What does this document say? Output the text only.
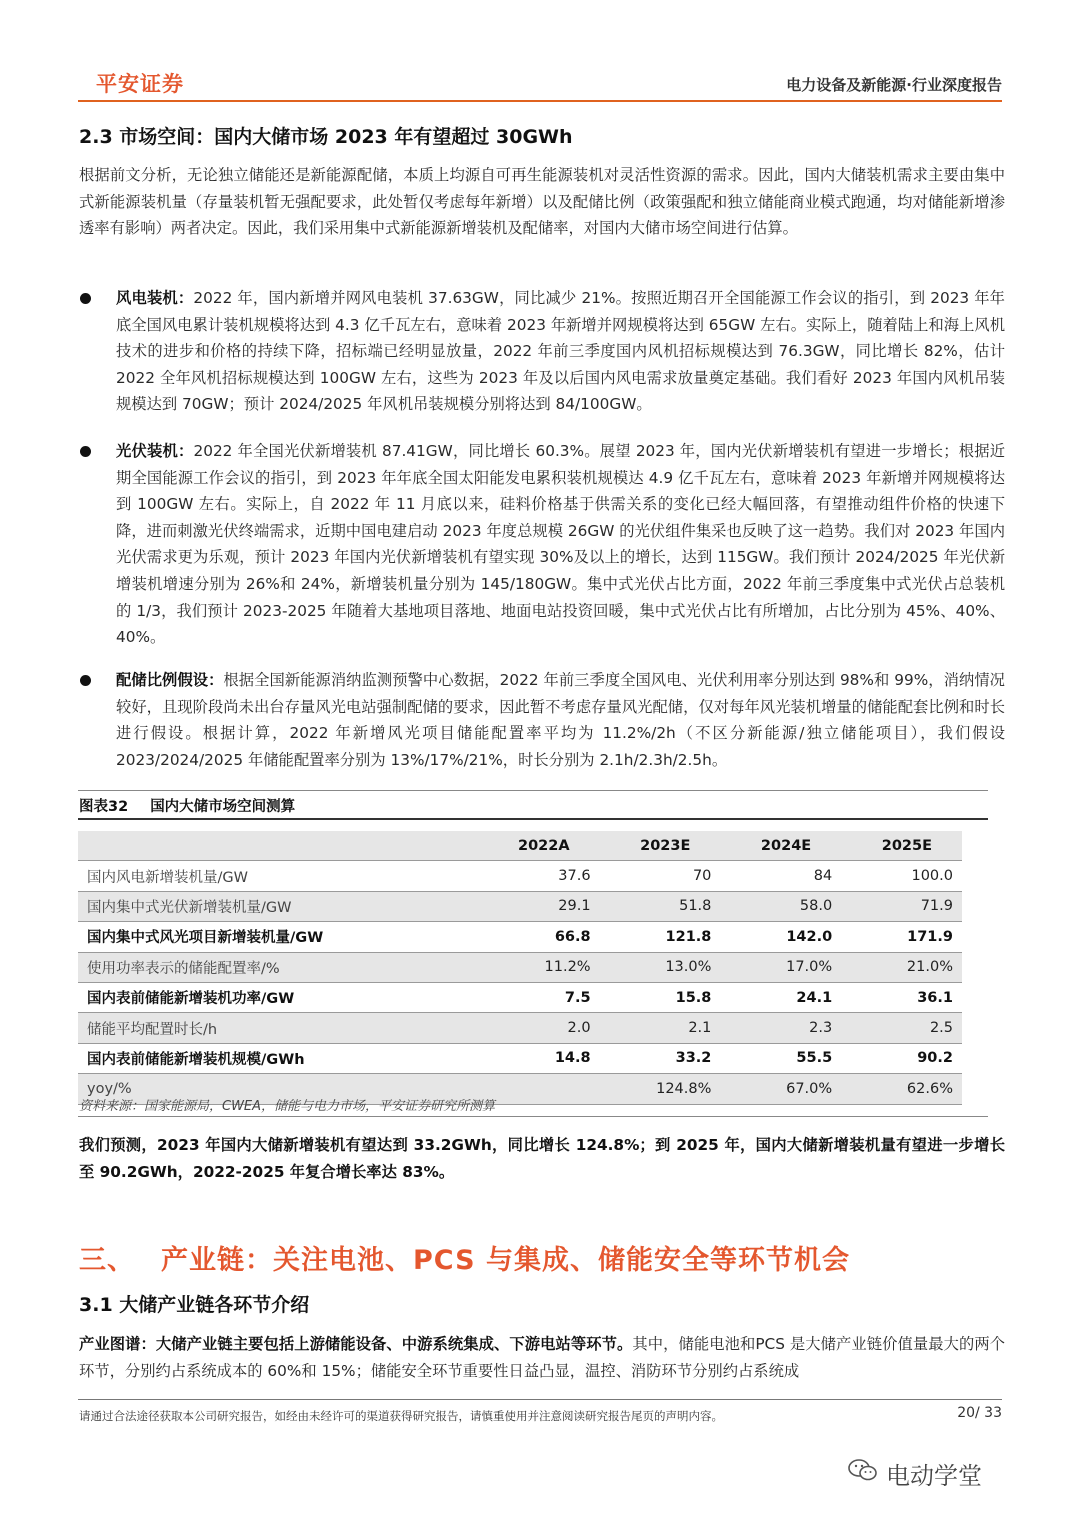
平安证券	电力设备及新能源·行业深度报告
2.3 市场空间：国内大储市场 2023 年有望超过 30GWh
根据前文分析，无论独立储能还是新能源配储，本质上均源自可再生能源装机对灵活性资源的需求。因此，国内大储装机需求主要由集中式新能源装机量（存量装机暂无强配要求，此处暂仅考虑每年新增）以及配储比例（政策强配和独立储能商业模式跑通，均对储能新增渗透率有影响）两者决定。因此，我们采用集中式新能源新增装机及配储率，对国内大储市场空间进行估算。
风电装机：2022 年，国内新增并网风电装机 37.63GW，同比减少 21%。按照近期召开全国能源工作会议的指引，到 2023 年年底全国风电累计装机规模将达到 4.3 亿千瓦左右，意味着 2023 年新增并网规模将达到 65GW 左右。实际上，随着陆上和海上风机技术的进步和价格的持续下降，招标端已经明显放量，2022 年前三季度国内风机招标规模达到 76.3GW，同比增长 82%，估计 2022 全年风机招标规模达到 100GW 左右，这些为 2023 年及以后国内风电需求放量奠定基础。我们看好 2023 年国内风机吊装规模达到 70GW；预计 2024/2025 年风机吊装规模分别将达到 84/100GW。
光伏装机：2022 年全国光伏新增装机 87.41GW，同比增长 60.3%。展望 2023 年，国内光伏新增装机有望进一步增长；根据近期全国能源工作会议的指引，到 2023 年年底全国太阳能发电累积装机规模达 4.9 亿千瓦左右，意味着 2023 年新增并网规模将达到 100GW 左右。实际上，自 2022 年 11 月底以来，硅料价格基于供需关系的变化已经大幅回落，有望推动组件价格的快速下降，进而刺激光伏终端需求，近期中国电建启动 2023 年度总规模 26GW 的光伏组件集采也反映了这一趋势。我们对 2023 年国内光伏需求更为乐观，预计 2023 年国内光伏新增装机有望实现 30%及以上的增长，达到 115GW。我们预计 2024/2025 年光伏新增装机增速分别为 26%和 24%，新增装机量分别为 145/180GW。集中式光伏占比方面，2022 年前三季度集中式光伏占总装机的 1/3，我们预计 2023-2025 年随着大基地项目落地、地面电站投资回暖，集中式光伏占比有所增加，占比分别为 45%、40%、40%。
配储比例假设：根据全国新能源消纳监测预警中心数据，2022 年前三季度全国风电、光伏利用率分别达到 98%和 99%，消纳情况较好，且现阶段尚未出台存量风光电站强制配储的要求，因此暂不考虑存量风光配储，仅对每年风光装机增量的储能配套比例和时长进行假设。根据计算，2022 年新增风光项目储能配置率平均为 11.2%/2h（不区分新能源/独立储能项目），我们假设 2023/2024/2025 年储能配置率分别为 13%/17%/21%，时长分别为 2.1h/2.3h/2.5h。
图表32 国内大储市场空间测算
	2022A	2023E	2024E	2025E
国内风电新增装机量/GW	37.6	70	84	100.0
国内集中式光伏新增装机量/GW	29.1	51.8	58.0	71.9
国内集中式风光项目新增装机量/GW	66.8	121.8	142.0	171.9
使用功率表示的储能配置率/%	11.2%	13.0%	17.0%	21.0%
国内表前储能新增装机功率/GW	7.5	15.8	24.1	36.1
储能平均配置时长/h	2.0	2.1	2.3	2.5
国内表前储能新增装机规模/GWh	14.8	33.2	55.5	90.2
yoy/%		124.8%	67.0%	62.6%
资料来源：国家能源局，CWEA，储能与电力市场，平安证券研究所测算
我们预测，2023 年国内大储新增装机有望达到 33.2GWh，同比增长 124.8%；到 2025 年，国内大储新增装机量有望进一步增长至 90.2GWh，2022-2025 年复合增长率达 83%。
三、 产业链：关注电池、PCS 与集成、储能安全等环节机会
3.1 大储产业链各环节介绍
产业图谱：大储产业链主要包括上游储能设备、中游系统集成、下游电站等环节。其中，储能电池和PCS 是大储产业链价值量最大的两个环节，分别约占系统成本的 60%和 15%；储能安全环节重要性日益凸显，温控、消防环节分别约占系统成
请通过合法途径获取本公司研究报告，如经由未经许可的渠道获得研究报告，请慎重使用并注意阅读研究报告尾页的声明内容。	20/ 33
电动学堂
